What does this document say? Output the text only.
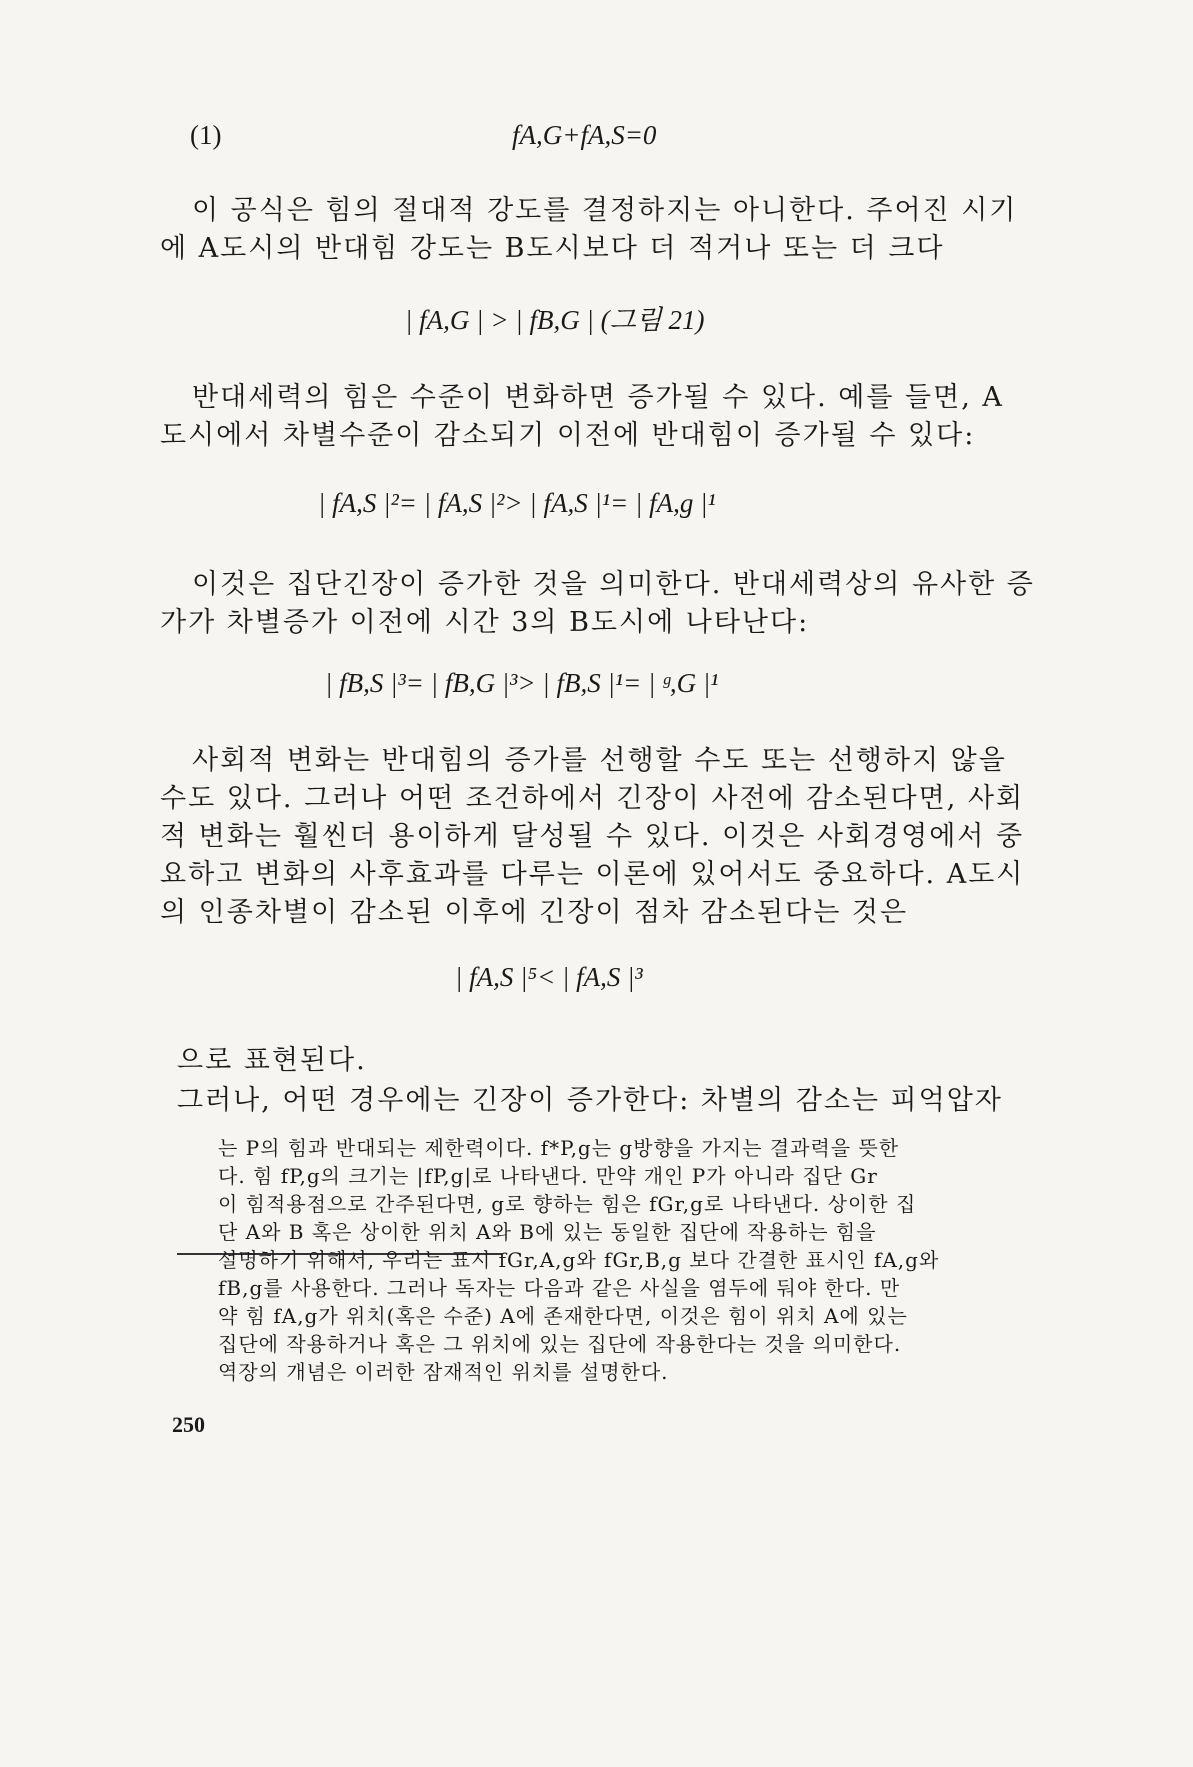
(1)	fA,G+fA,S=0
이 공식은 힘의 절대적 강도를 결정하지는 아니한다. 주어진 시기
에 A도시의 반대힘 강도는 B도시보다 더 적거나 또는 더 크다
| fA,G | > | fB,G | (그림 21)
반대세력의 힘은 수준이 변화하면 증가될 수 있다. 예를 들면, A
도시에서 차별수준이 감소되기 이전에 반대힘이 증가될 수 있다:
| fA,S |²= | fA,S |²> | fA,S |¹= | fA,g |¹
이것은 집단긴장이 증가한 것을 의미한다. 반대세력상의 유사한 증
가가 차별증가 이전에 시간 3의 B도시에 나타난다:
| fB,S |³= | fB,G |³> | fB,S |¹= | ᵍ,G |¹
사회적 변화는 반대힘의 증가를 선행할 수도 또는 선행하지 않을
수도 있다. 그러나 어떤 조건하에서 긴장이 사전에 감소된다면, 사회
적 변화는 훨씬더 용이하게 달성될 수 있다. 이것은 사회경영에서 중
요하고 변화의 사후효과를 다루는 이론에 있어서도 중요하다. A도시
의 인종차별이 감소된 이후에 긴장이 점차 감소된다는 것은
| fA,S |⁵< | fA,S |³
으로 표현된다.
그러나, 어떤 경우에는 긴장이 증가한다: 차별의 감소는 피억압자
는 P의 힘과 반대되는 제한력이다. f*P,g는 g방향을 가지는 결과력을 뜻한
다. 힘 fP,g의 크기는 |fP,g|로 나타낸다. 만약 개인 P가 아니라 집단 Gr
이 힘적용점으로 간주된다면, g로 향하는 힘은 fGr,g로 나타낸다. 상이한 집
단 A와 B 혹은 상이한 위치 A와 B에 있는 동일한 집단에 작용하는 힘을
설명하기 위해서, 우리는 표시 fGr,A,g와 fGr,B,g 보다 간결한 표시인 fA,g와
fB,g를 사용한다. 그러나 독자는 다음과 같은 사실을 염두에 둬야 한다. 만
약 힘 fA,g가 위치(혹은 수준) A에 존재한다면, 이것은 힘이 위치 A에 있는
집단에 작용하거나 혹은 그 위치에 있는 집단에 작용한다는 것을 의미한다.
역장의 개념은 이러한 잠재적인 위치를 설명한다.
250
